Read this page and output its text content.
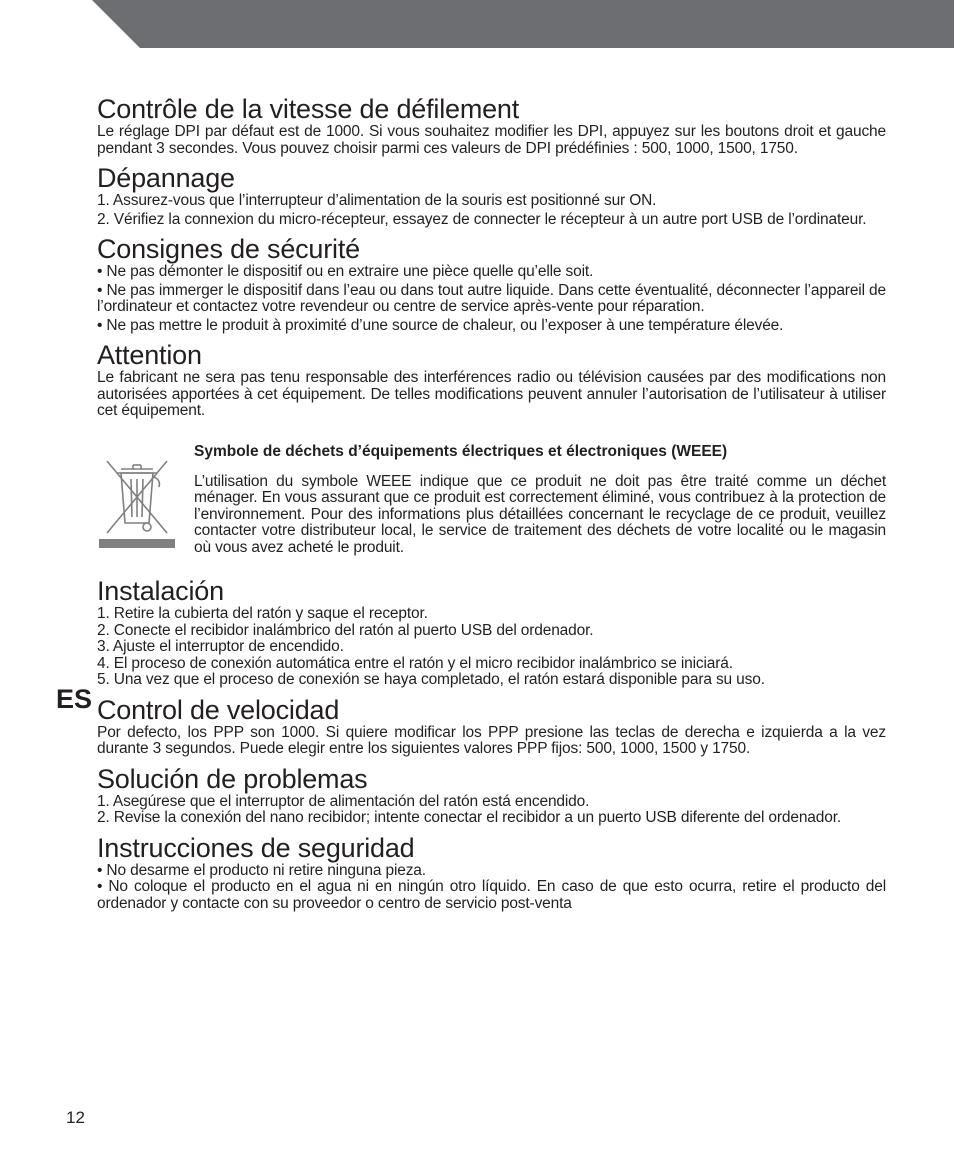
Contrôle de la vitesse de défilement

Le réglage DPI par défaut est de 1000. Si vous souhaitez modifier les DPI, appuyez sur les boutons droit et gauche pendant 3 secondes. Vous pouvez choisir parmi ces valeurs de DPI prédéfinies : 500, 1000, 1500, 1750.

Dépannage

1. Assurez-vous que l’interrupteur d’alimentation de la souris est positionné sur ON.

2. Vérifiez la connexion du micro-récepteur, essayez de connecter le récepteur à un autre port USB de l’ordinateur.

Consignes de sécurité

• Ne pas démonter le dispositif ou en extraire une pièce quelle qu’elle soit.

• Ne pas immerger le dispositif dans l’eau ou dans tout autre liquide. Dans cette éventualité, déconnecter l’appareil de l’ordinateur et contactez votre revendeur ou centre de service après-vente pour réparation.

• Ne pas mettre le produit à proximité d’une source de chaleur, ou l’exposer à une température élevée.

Attention

Le fabricant ne sera pas tenu responsable des interférences radio ou télévision causées par des modifications non autorisées apportées à cet équipement. De telles modifications peuvent annuler l’autorisation de l’utilisateur à utiliser cet équipement.

Symbole de déchets d’équipements électriques et électroniques (WEEE)

L’utilisation du symbole WEEE indique que ce produit ne doit pas être traité comme un déchet ménager. En vous assurant que ce produit est correctement éliminé, vous contribuez à la protection de l’environnement. Pour des informations plus détaillées concernant le recyclage de ce produit, veuillez contacter votre distributeur local, le service de traitement des déchets de votre localité ou le magasin où vous avez acheté le produit.

Instalación

1. Retire la cubierta del ratón y saque el receptor.

2. Conecte el recibidor inalámbrico del ratón al puerto USB del ordenador.

3. Ajuste el interruptor de encendido.

4. El proceso de conexión automática entre el ratón y el micro recibidor inalámbrico se iniciará.

5. Una vez que el proceso de conexión se haya completado, el ratón estará disponible para su uso.

Control de velocidad

Por defecto, los PPP son 1000. Si quiere modificar los PPP presione las teclas de derecha e izquierda a la vez durante 3 segundos. Puede elegir entre los siguientes valores PPP fijos: 500, 1000, 1500 y 1750.

Solución de problemas

1. Asegúrese que el interruptor de alimentación del ratón está encendido.

2. Revise la conexión del nano recibidor; intente conectar el recibidor a un puerto USB diferente del ordenador.

Instrucciones de seguridad

• No desarme el producto ni retire ninguna pieza.

• No coloque el producto en el agua ni en ningún otro líquido. En caso de que esto ocurra, retire el producto del ordenador y contacte con su proveedor o centro de servicio post-venta

ES
12
